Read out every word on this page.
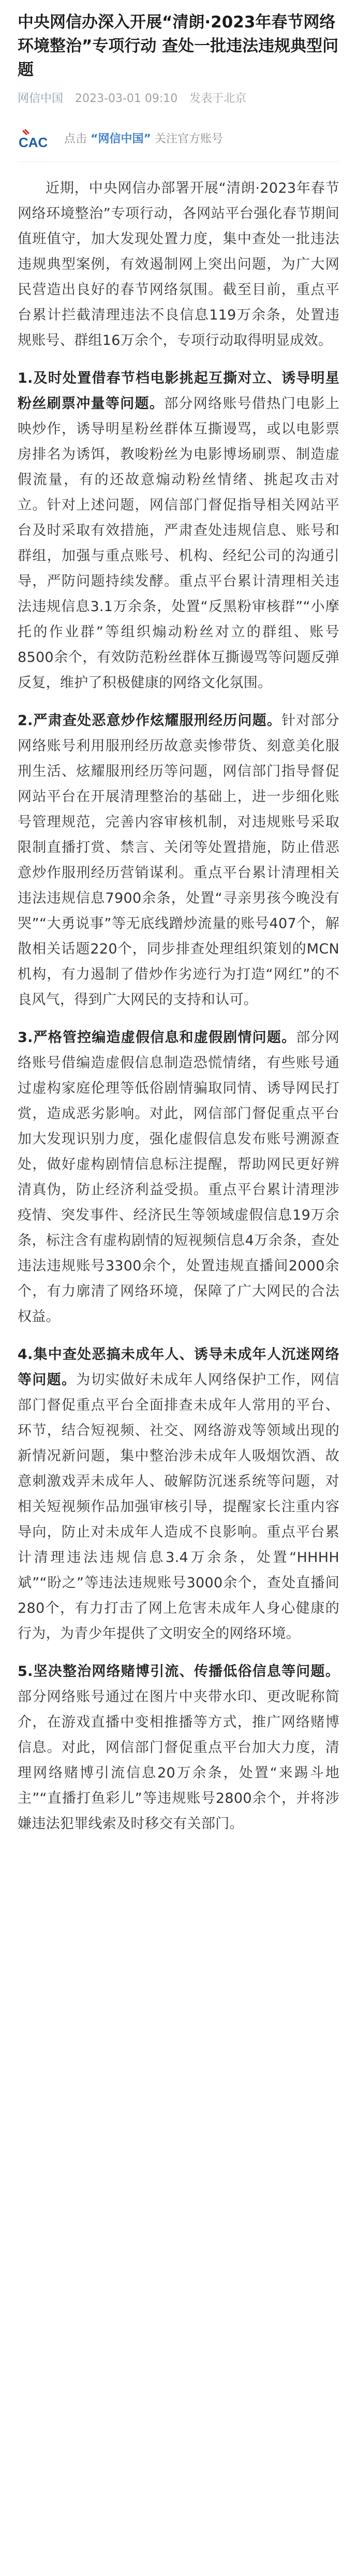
中央网信办深入开展“清朗·2023年春节网络环境整治”专项行动 查处一批违法违规典型问题
网信中国 2023-03-01 09:10 发表于北京
CAC 点击 “网信中国” 关注官方账号

近期，中央网信办部署开展“清朗·2023年春节网络环境整治”专项行动，各网站平台强化春节期间值班值守，加大发现处置力度，集中查处一批违法违规典型案例，有效遏制网上突出问题，为广大网民营造出良好的春节网络氛围。截至目前，重点平台累计拦截清理违法不良信息119万余条，处置违规账号、群组16万余个，专项行动取得明显成效。

1.及时处置借春节档电影挑起互撕对立、诱导明星粉丝刷票冲量等问题。部分网络账号借热门电影上映炒作，诱导明星粉丝群体互撕谩骂，或以电影票房排名为诱饵，教唆粉丝为电影博场刷票、制造虚假流量，有的还故意煽动粉丝情绪、挑起攻击对立。针对上述问题，网信部门督促指导相关网站平台及时采取有效措施，严肃查处违规信息、账号和群组，加强与重点账号、机构、经纪公司的沟通引导，严防问题持续发酵。重点平台累计清理相关违法违规信息3.1万余条，处置“反黑粉审核群”“小摩托的作业群”等组织煽动粉丝对立的群组、账号8500余个，有效防范粉丝群体互撕谩骂等问题反弹反复，维护了积极健康的网络文化氛围。

2.严肃查处恶意炒作炫耀服刑经历问题。针对部分网络账号利用服刑经历故意卖惨带货、刻意美化服刑生活、炫耀服刑经历等问题，网信部门指导督促网站平台在开展清理整治的基础上，进一步细化账号管理规范，完善内容审核机制，对违规账号采取限制直播打赏、禁言、关闭等处置措施，防止借恶意炒作服刑经历营销谋利。重点平台累计清理相关违法违规信息7900余条，处置“寻亲男孩今晚没有哭”“大勇说事”等无底线蹭炒流量的账号407个，解散相关话题220个，同步排查处理组织策划的MCN机构，有力遏制了借炒作劣迹行为打造“网红”的不良风气，得到广大网民的支持和认可。

3.严格管控编造虚假信息和虚假剧情问题。部分网络账号借编造虚假信息制造恐慌情绪，有些账号通过虚构家庭伦理等低俗剧情骗取同情、诱导网民打赏，造成恶劣影响。对此，网信部门督促重点平台加大发现识别力度，强化虚假信息发布账号溯源查处，做好虚构剧情信息标注提醒，帮助网民更好辨清真伪，防止经济利益受损。重点平台累计清理涉疫情、突发事件、经济民生等领域虚假信息19万余条，标注含有虚构剧情的短视频信息4万余条，查处违法违规账号3300余个，处置违规直播间2000余个，有力廓清了网络环境，保障了广大网民的合法权益。

4.集中查处恶搞未成年人、诱导未成年人沉迷网络等问题。为切实做好未成年人网络保护工作，网信部门督促重点平台全面排查未成年人常用的平台、环节，结合短视频、社交、网络游戏等领域出现的新情况新问题，集中整治涉未成年人吸烟饮酒、故意刺激戏弄未成年人、破解防沉迷系统等问题，对相关短视频作品加强审核引导，提醒家长注重内容导向，防止对未成年人造成不良影响。重点平台累计清理违法违规信息3.4万余条，处置“HHHH斌”“盼之”等违法违规账号3000余个，查处直播间280个，有力打击了网上危害未成年人身心健康的行为，为青少年提供了文明安全的网络环境。

5.坚决整治网络赌博引流、传播低俗信息等问题。部分网络账号通过在图片中夹带水印、更改昵称简介，在游戏直播中变相推播等方式，推广网络赌博信息。对此，网信部门督促重点平台加大力度，清理网络赌博引流信息20万余条，处置“来踢斗地主”“直播打鱼彩儿”等违规账号2800余个，并将涉嫌违法犯罪线索及时移交有关部门。
